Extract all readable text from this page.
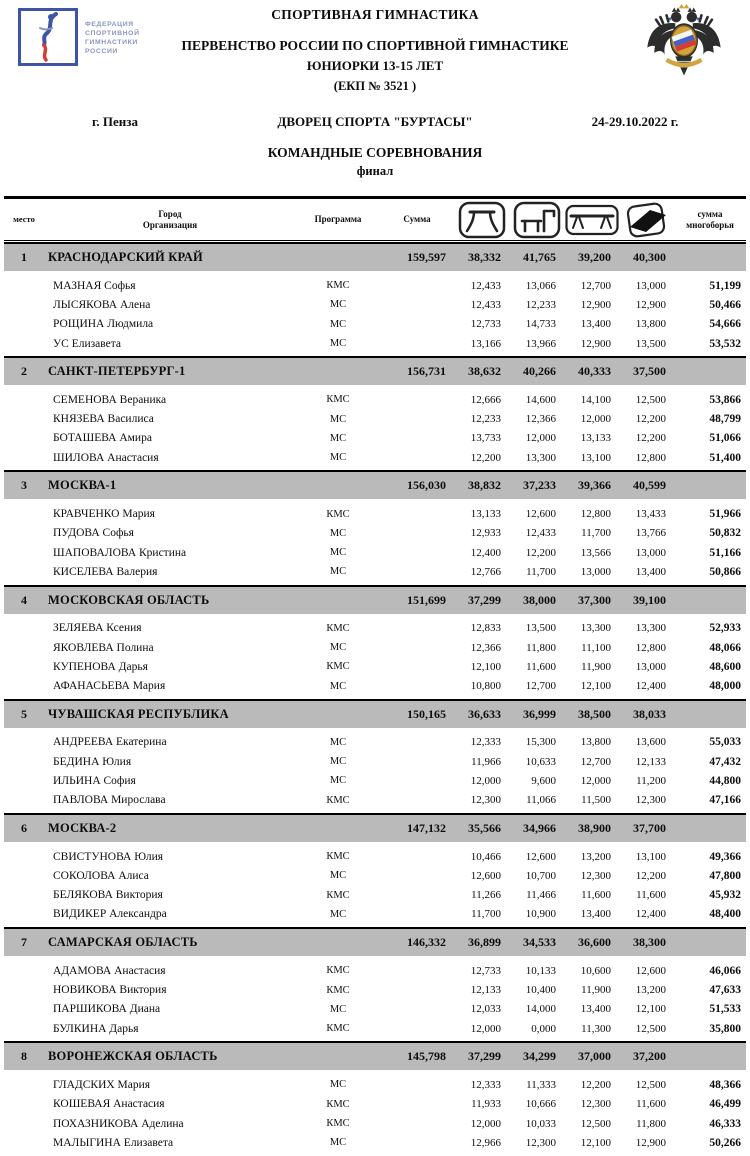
ФЕДЕРАЦИЯ
СПОРТИВНОЙ
ГИМНАСТИКИ
РОССИИ
СПОРТИВНАЯ ГИМНАСТИКА
ПЕРВЕНСТВО РОССИИ ПО СПОРТИВНОЙ ГИМНАСТИКЕ
ЮНИОРКИ 13-15 ЛЕТ
(ЕКП № 3521 )
г. Пенза	ДВОРЕЦ СПОРТА "БУРТАСЫ"	24-29.10.2022 г.
КОМАНДНЫЕ СОРЕВНОВАНИЯ
финал
место
Город
Организация
Программа	Сумма
сумма
многоборья
1	КРАСНОДАРСКИЙ КРАЙ	159,597	38,332	41,765	39,200	40,300
МАЗНАЯ Софья	КМС	12,433	13,066	12,700	13,000	51,199
ЛЫСЯКОВА Алена	МС	12,433	12,233	12,900	12,900	50,466
РОЩИНА Людмила	МС	12,733	14,733	13,400	13,800	54,666
УС Елизавета	МС	13,166	13,966	12,900	13,500	53,532
2	САНКТ-ПЕТЕРБУРГ-1	156,731	38,632	40,266	40,333	37,500
СЕМЕНОВА Вераника	КМС	12,666	14,600	14,100	12,500	53,866
КНЯЗЕВА Василиса	МС	12,233	12,366	12,000	12,200	48,799
БОТАШЕВА Амира	МС	13,733	12,000	13,133	12,200	51,066
ШИЛОВА Анастасия	МС	12,200	13,300	13,100	12,800	51,400
3	МОСКВА-1	156,030	38,832	37,233	39,366	40,599
КРАВЧЕНКО Мария	КМС	13,133	12,600	12,800	13,433	51,966
ПУДОВА Софья	МС	12,933	12,433	11,700	13,766	50,832
ШАПОВАЛОВА Кристина	МС	12,400	12,200	13,566	13,000	51,166
КИСЕЛЕВА Валерия	МС	12,766	11,700	13,000	13,400	50,866
4	МОСКОВСКАЯ ОБЛАСТЬ	151,699	37,299	38,000	37,300	39,100
ЗЕЛЯЕВА Ксения	КМС	12,833	13,500	13,300	13,300	52,933
ЯКОВЛЕВА Полина	МС	12,366	11,800	11,100	12,800	48,066
КУПЕНОВА Дарья	КМС	12,100	11,600	11,900	13,000	48,600
АФАНАСЬЕВА Мария	МС	10,800	12,700	12,100	12,400	48,000
5	ЧУВАШСКАЯ РЕСПУБЛИКА	150,165	36,633	36,999	38,500	38,033
АНДРЕЕВА Екатерина	МС	12,333	15,300	13,800	13,600	55,033
БЕДИНА Юлия	МС	11,966	10,633	12,700	12,133	47,432
ИЛЬИНА София	МС	12,000	9,600	12,000	11,200	44,800
ПАВЛОВА Мирослава	КМС	12,300	11,066	11,500	12,300	47,166
6	МОСКВА-2	147,132	35,566	34,966	38,900	37,700
СВИСТУНОВА Юлия	КМС	10,466	12,600	13,200	13,100	49,366
СОКОЛОВА Алиса	МС	12,600	10,700	12,300	12,200	47,800
БЕЛЯКОВА Виктория	КМС	11,266	11,466	11,600	11,600	45,932
ВИДИКЕР Александра	МС	11,700	10,900	13,400	12,400	48,400
7	САМАРСКАЯ ОБЛАСТЬ	146,332	36,899	34,533	36,600	38,300
АДАМОВА Анастасия	КМС	12,733	10,133	10,600	12,600	46,066
НОВИКОВА Виктория	КМС	12,133	10,400	11,900	13,200	47,633
ПАРШИКОВА Диана	МС	12,033	14,000	13,400	12,100	51,533
БУЛКИНА Дарья	КМС	12,000	0,000	11,300	12,500	35,800
8	ВОРОНЕЖСКАЯ ОБЛАСТЬ	145,798	37,299	34,299	37,000	37,200
ГЛАДСКИХ Мария	МС	12,333	11,333	12,200	12,500	48,366
КОШЕВАЯ Анастасия	КМС	11,933	10,666	12,300	11,600	46,499
ПОХАЗНИКОВА Аделина	КМС	12,000	10,033	12,500	11,800	46,333
МАЛЫГИНА Елизавета	МС	12,966	12,300	12,100	12,900	50,266
